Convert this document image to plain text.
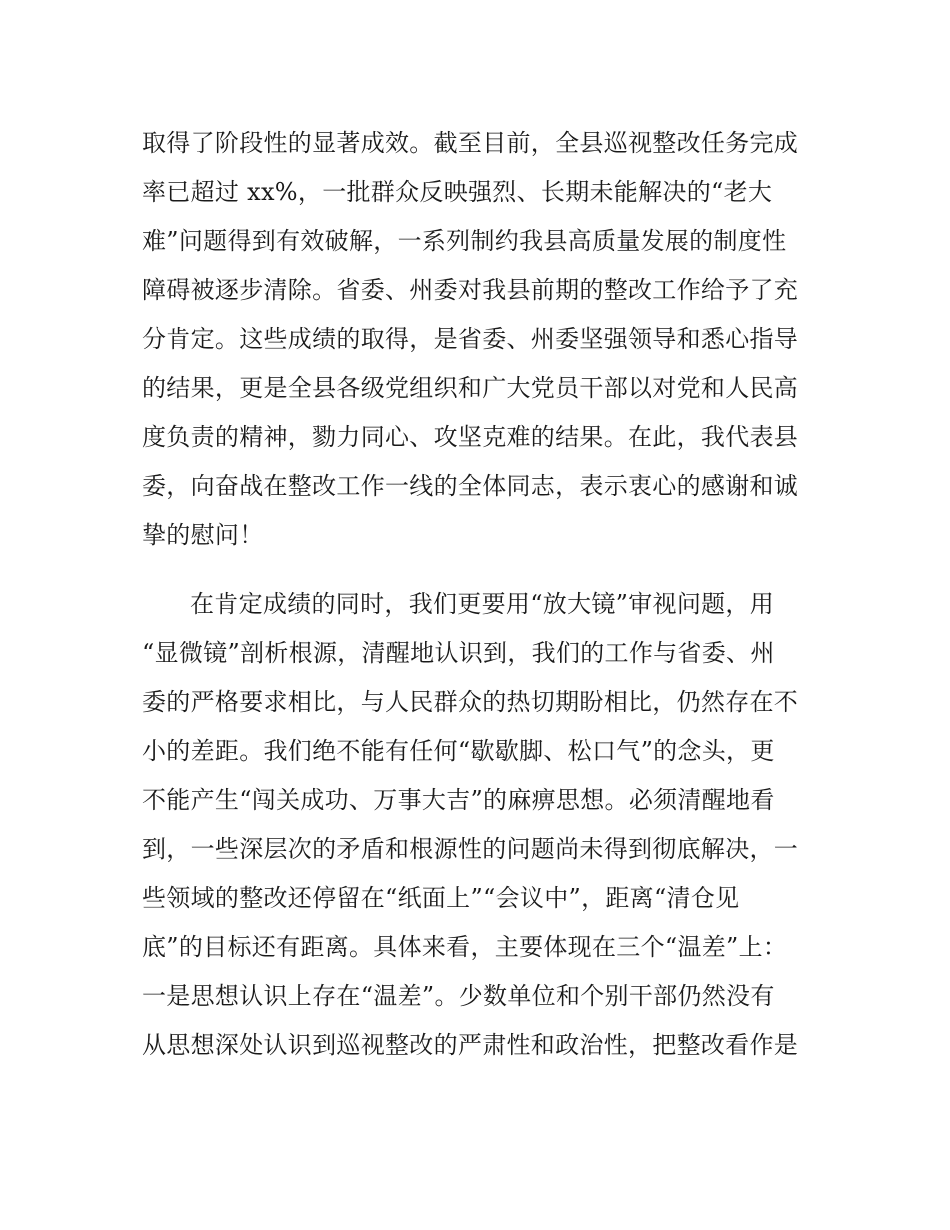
取得了阶段性的显著成效。截至目前，全县巡视整改任务完成
率已超过 xx%，一批群众反映强烈、长期未能解决的“老大
难”问题得到有效破解，一系列制约我县高质量发展的制度性
障碍被逐步清除。省委、州委对我县前期的整改工作给予了充
分肯定。这些成绩的取得，是省委、州委坚强领导和悉心指导
的结果，更是全县各级党组织和广大党员干部以对党和人民高
度负责的精神，勠力同心、攻坚克难的结果。在此，我代表县
委，向奋战在整改工作一线的全体同志，表示衷心的感谢和诚
挚的慰问！
在肯定成绩的同时，我们更要用“放大镜”审视问题，用
“显微镜”剖析根源，清醒地认识到，我们的工作与省委、州
委的严格要求相比，与人民群众的热切期盼相比，仍然存在不
小的差距。我们绝不能有任何“歇歇脚、松口气”的念头，更
不能产生“闯关成功、万事大吉”的麻痹思想。必须清醒地看
到，一些深层次的矛盾和根源性的问题尚未得到彻底解决，一
些领域的整改还停留在“纸面上”“会议中”，距离“清仓见
底”的目标还有距离。具体来看，主要体现在三个“温差”上：
一是思想认识上存在“温差”。少数单位和个别干部仍然没有
从思想深处认识到巡视整改的严肃性和政治性，把整改看作是
